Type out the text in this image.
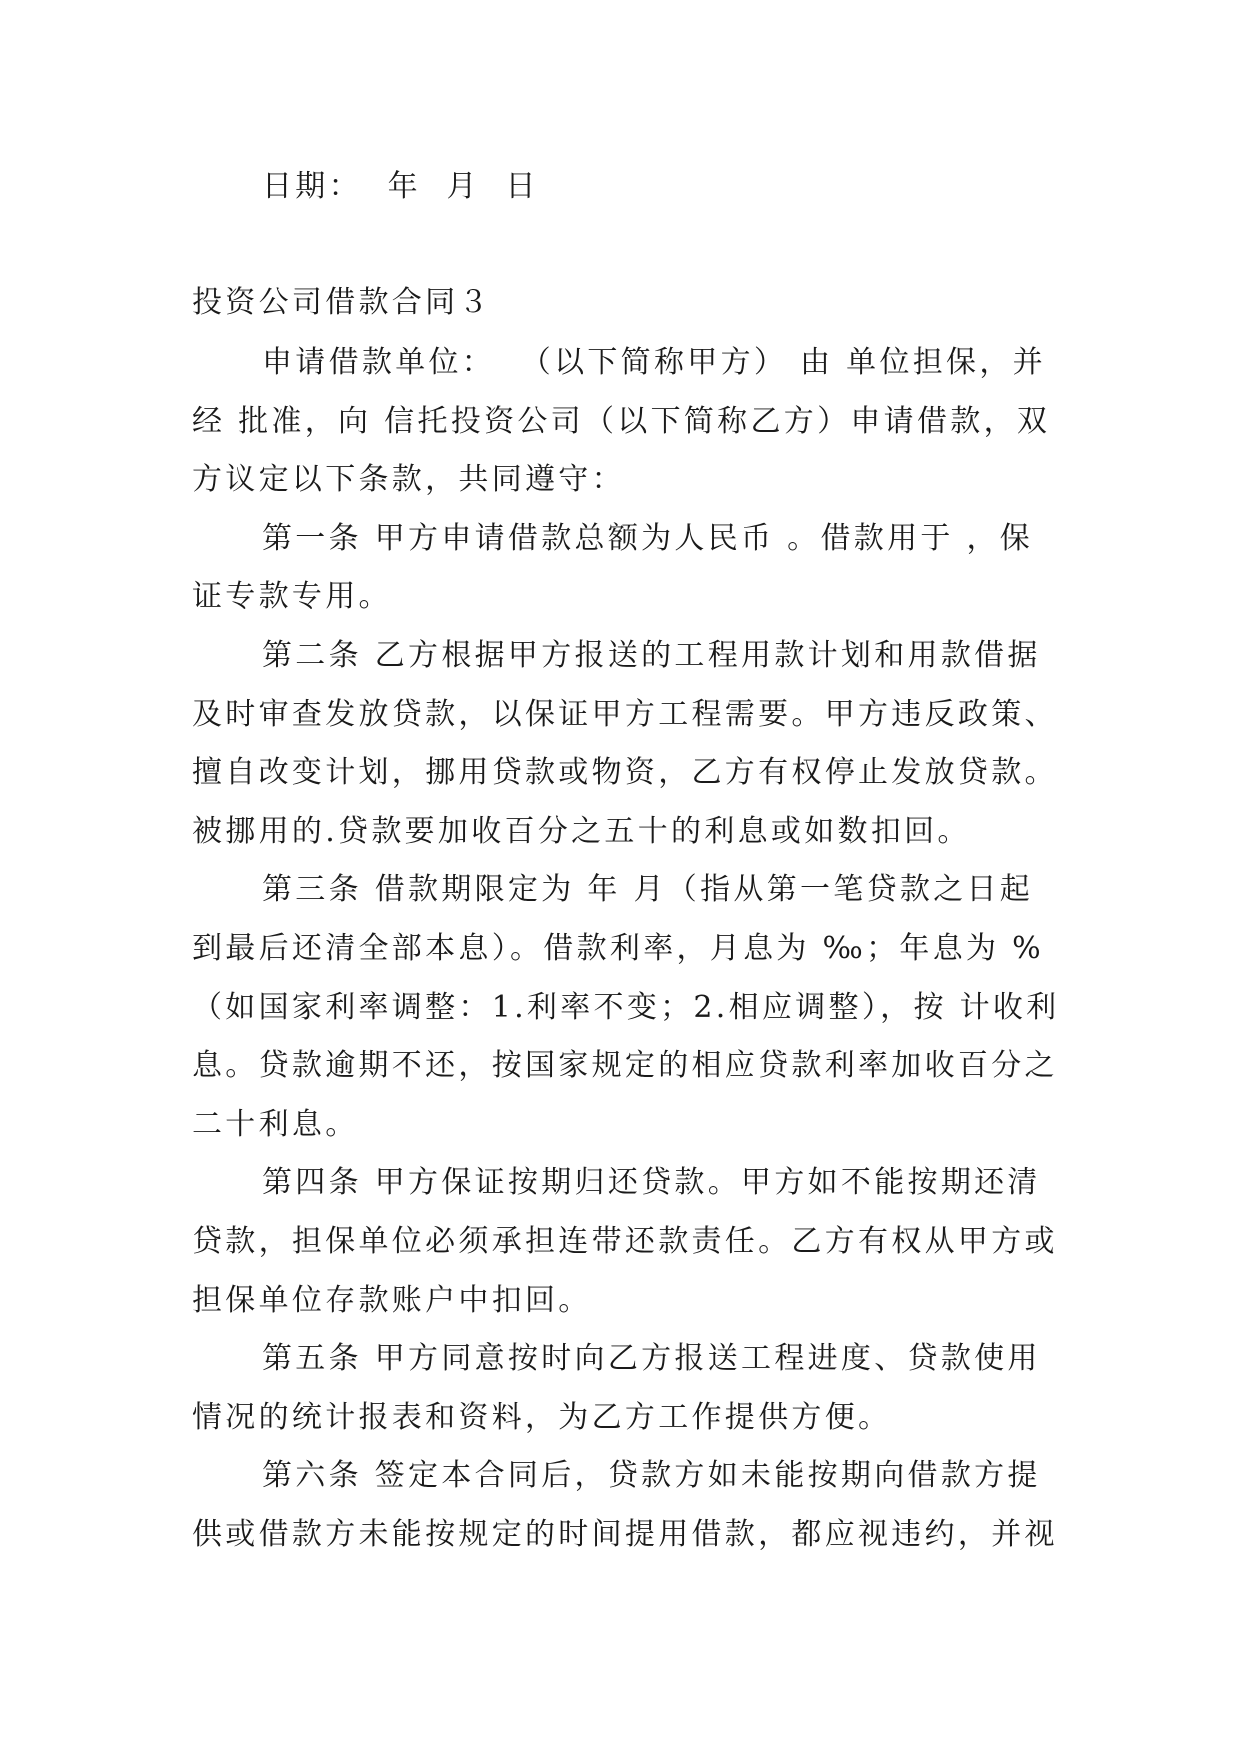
日期：  年  月  日

投资公司借款合同３

申请借款单位：  （以下简称甲方） 由 单位担保，并

经 批准，向 信托投资公司（以下简称乙方）申请借款，双

方议定以下条款，共同遵守：

第一条 甲方申请借款总额为人民币 。借款用于 ，保

证专款专用。

第二条 乙方根据甲方报送的工程用款计划和用款借据

及时审查发放贷款，以保证甲方工程需要。甲方违反政策、

擅自改变计划，挪用贷款或物资，乙方有权停止发放贷款。

被挪用的.贷款要加收百分之五十的利息或如数扣回。

第三条 借款期限定为 年 月（指从第一笔贷款之日起

到最后还清全部本息）。借款利率，月息为 ‰；年息为 %

（如国家利率调整：1.利率不变；2.相应调整），按 计收利

息。贷款逾期不还，按国家规定的相应贷款利率加收百分之

二十利息。

第四条 甲方保证按期归还贷款。甲方如不能按期还清

贷款，担保单位必须承担连带还款责任。乙方有权从甲方或

担保单位存款账户中扣回。

第五条 甲方同意按时向乙方报送工程进度、贷款使用

情况的统计报表和资料，为乙方工作提供方便。

第六条 签定本合同后，贷款方如未能按期向借款方提

供或借款方未能按规定的时间提用借款，都应视违约，并视
